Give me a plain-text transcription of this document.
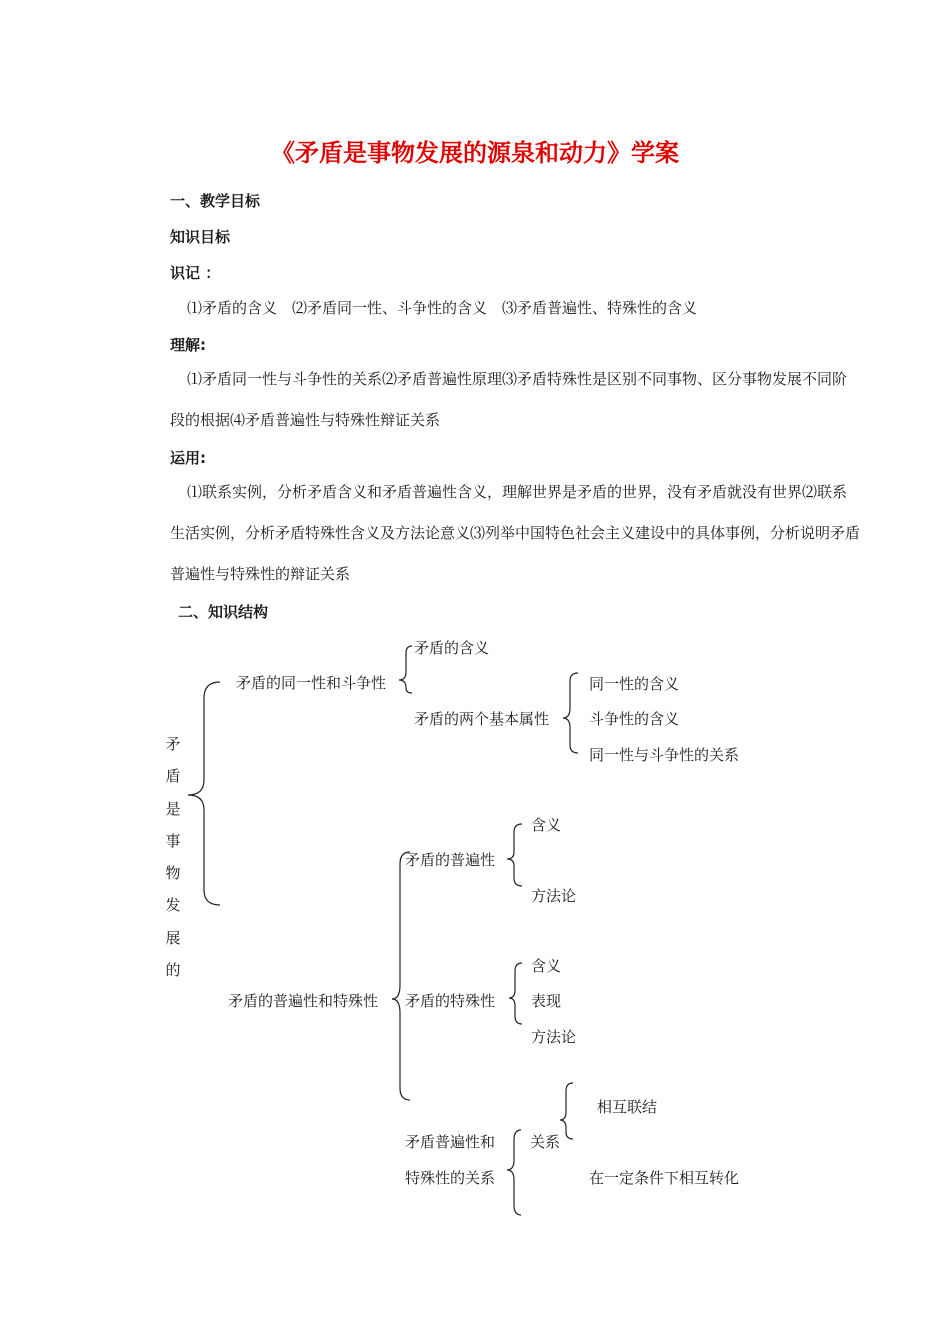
《矛盾是事物发展的源泉和动力》学案
一、教学目标
知识目标
识记 ：
⑴矛盾的含义　⑵矛盾同一性、斗争性的含义　⑶矛盾普遍性、特殊性的含义
理解:
⑴矛盾同一性与斗争性的关系⑵矛盾普遍性原理⑶矛盾特殊性是区别不同事物、区分事物发展不同阶段的根据⑷矛盾普遍性与特殊性辩证关系
运用:
⑴联系实例，分析矛盾含义和矛盾普遍性含义，理解世界是矛盾的世界，没有矛盾就没有世界⑵联系生活实例，分析矛盾特殊性含义及方法论意义⑶列举中国特色社会主义建设中的具体事例，分析说明矛盾普遍性与特殊性的辩证关系
二、知识结构
矛盾是事物发展的
矛盾的同一性和斗争性
矛盾的含义
矛盾的两个基本属性
同一性的含义
斗争性的含义
同一性与斗争性的关系
矛盾的普遍性和特殊性
矛盾的普遍性
含义
方法论
矛盾的特殊性
含义
表现
方法论
矛盾普遍性和
特殊性的关系
关系
相互联结
在一定条件下相互转化
